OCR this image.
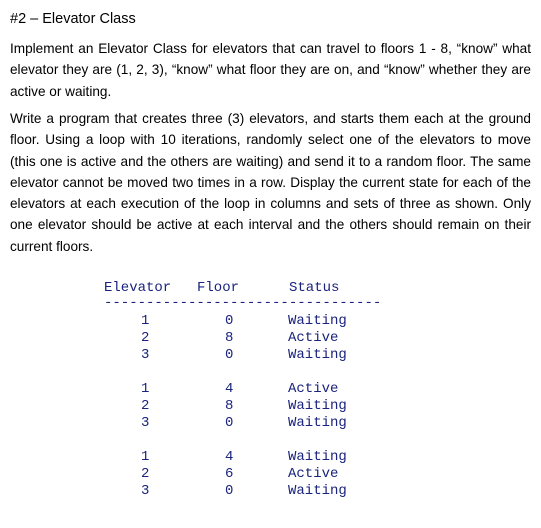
#2 – Elevator Class

Implement an Elevator Class for elevators that can travel to floors 1 - 8, “know” what elevator they are (1, 2, 3), “know” what floor they are on, and “know” whether they are active or waiting.

Write a program that creates three (3) elevators, and starts them each at the ground floor. Using a loop with 10 iterations, randomly select one of the elevators to move (this one is active and the others are waiting) and send it to a random floor. The same elevator cannot be moved two times in a row. Display the current state for each of the elevators at each execution of the loop in columns and sets of three as shown. Only one elevator should be active at each interval and the others should remain on their current floors.

Elevator Floor	Status
---------------------------------
1	0	Waiting
2	8	Active
3	0	Waiting
1	4	Active
2	8	Waiting
3	0	Waiting
1	4	Waiting
2	6	Active
3	0	Waiting
